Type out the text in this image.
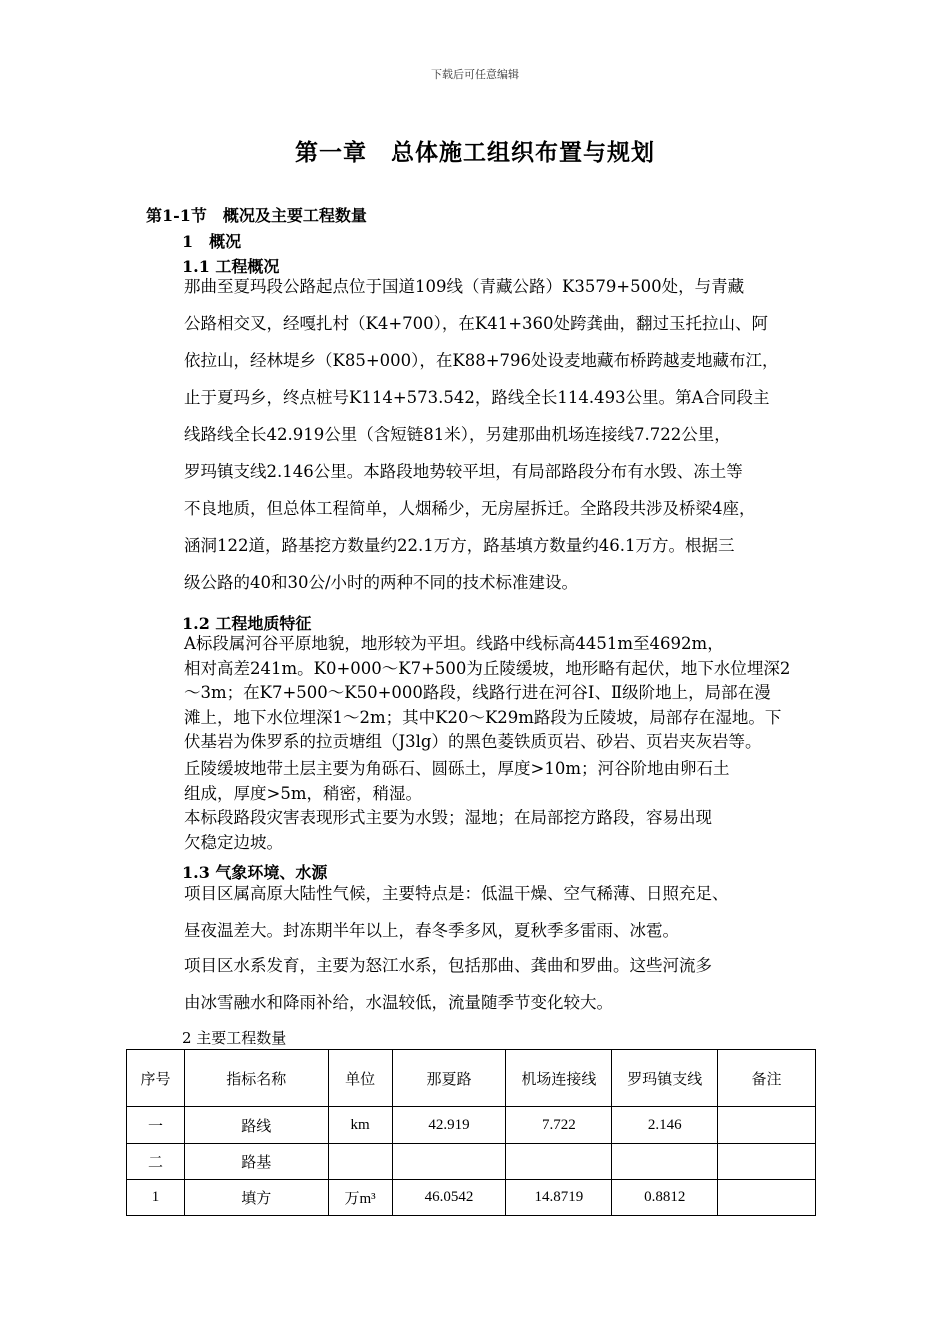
下载后可任意编辑
第一章　总体施工组织布置与规划
第1-1节　概况及主要工程数量
1　概况
1.1 工程概况
那曲至夏玛段公路起点位于国道109线（青藏公路）K3579+500处，与青藏
公路相交叉，经嘎扎村（K4+700），在K41+360处跨龚曲，翻过玉托拉山、阿
依拉山，经林堤乡（K85+000），在K88+796处设麦地藏布桥跨越麦地藏布江，
止于夏玛乡，终点桩号K114+573.542，路线全长114.493公里。第A合同段主
线路线全长42.919公里（含短链81米），另建那曲机场连接线7.722公里，
罗玛镇支线2.146公里。本路段地势较平坦，有局部路段分布有水毁、冻土等
不良地质，但总体工程简单，人烟稀少，无房屋拆迁。全路段共涉及桥梁4座，
涵洞122道，路基挖方数量约22.1万方，路基填方数量约46.1万方。根据三
级公路的40和30公/小时的两种不同的技术标准建设。
1.2 工程地质特征
A标段属河谷平原地貌，地形较为平坦。线路中线标高4451m至4692m，
相对高差241m。K0+000～K7+500为丘陵缓坡，地形略有起伏，地下水位埋深2
～3m；在K7+500～K50+000路段，线路行进在河谷Ⅰ、Ⅱ级阶地上，局部在漫
滩上，地下水位埋深1～2m；其中K20～K29m路段为丘陵坡，局部存在湿地。下
伏基岩为侏罗系的拉贡塘组（J3lg）的黑色菱铁质页岩、砂岩、页岩夹灰岩等。
丘陵缓坡地带土层主要为角砾石、圆砾土，厚度>10m；河谷阶地由卵石土
组成，厚度>5m，稍密，稍湿。
本标段路段灾害表现形式主要为水毁；湿地；在局部挖方路段，容易出现
欠稳定边坡。
1.3 气象环境、水源
项目区属高原大陆性气候，主要特点是：低温干燥、空气稀薄、日照充足、
昼夜温差大。封冻期半年以上，春冬季多风，夏秋季多雷雨、冰雹。
项目区水系发育，主要为怒江水系，包括那曲、龚曲和罗曲。这些河流多
由冰雪融水和降雨补给，水温较低，流量随季节变化较大。
2 主要工程数量
序号	指标名称	单位	那夏路	机场连接线	罗玛镇支线	备注
一	路线	km	42.919	7.722	2.146	
二	路基					
1	填方	万m³	46.0542	14.8719	0.8812	
